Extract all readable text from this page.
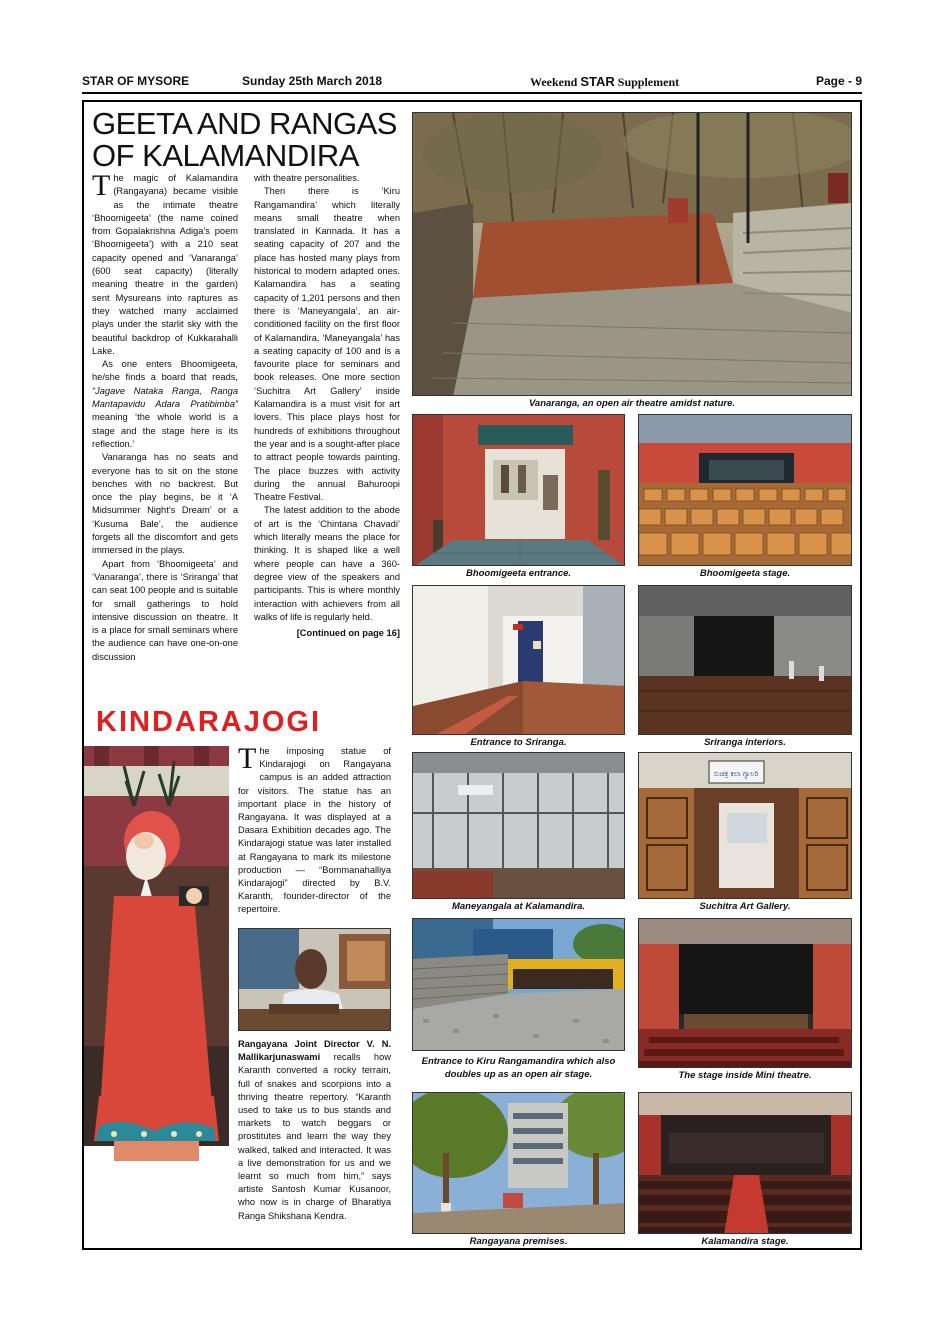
STAR OF MYSORE	Sunday 25th March 2018	Weekend STAR Supplement	Page - 9
GEETA AND RANGAS OF KALAMANDIRA

The magic of Kalamandira (Rangayana) became visible as the intimate theatre ‘Bhoomigeeta’ (the name coined from Gopalakrishna Adiga’s poem ‘Bhoomigeeta’) with a 210 seat capacity opened and ‘Vanaranga’ (600 seat capacity) (literally meaning theatre in the garden) sent Mysureans into raptures as they watched many acclaimed plays under the starlit sky with the beautiful backdrop of Kukkarahalli Lake.

As one enters Bhoomigeeta, he/she finds a board that reads, “Jagave Nataka Ranga, Ranga Mantapavidu Adara Pratibimba” meaning ‘the whole world is a stage and the stage here is its reflection.’

Vanaranga has no seats and everyone has to sit on the stone benches with no backrest. But once the play begins, be it ‘A Midsummer Night’s Dream’ or a ‘Kusuma Bale’, the audience forgets all the discomfort and gets immersed in the plays.

Apart from ‘Bhoomigeeta’ and ‘Vanaranga’, there is ‘Sriranga’ that can seat 100 people and is suitable for small gatherings to hold intensive discussion on theatre. It is a place for small seminars where the audience can have one-on-one discussion

with theatre personalities.

Then there is ‘Kiru Rangamandira’ which literally means small theatre when translated in Kannada. It has a seating capacity of 207 and the place has hosted many plays from historical to modern adapted ones. Kalamandira has a seating capacity of 1,201 persons and then there is ‘Maneyangala’, an air-conditioned facility on the first floor of Kalamandira. ‘Maneyangala’ has a seating capacity of 100 and is a favourite place for seminars and book releases. One more section ‘Suchitra Art Gallery’ inside Kalamandira is a must visit for art lovers. This place plays host for hundreds of exhibitions throughout the year and is a sought-after place to attract people towards painting. The place buzzes with activity during the annual Bahuroopi Theatre Festival.

The latest addition to the abode of art is the ‘Chintana Chavadi’ which literally means the place for thinking. It is shaped like a well where people can have a 360-degree view of the speakers and participants. This is where monthly interaction with achievers from all walks of life is regularly held.

[Continued on page 16]

Vanaranga, an open air theatre amidst nature.
Bhoomigeeta entrance.	Bhoomigeeta stage.
Entrance to Sriranga.	Sriranga interiors.
Maneyangala at Kalamandira.
ಸುಚಿತ್ರ ಕಲಾ ಗ್ಯಾಲರಿ
Suchitra Art Gallery.
Entrance to Kiru Rangamandira which also
doubles up as an open air stage.	The stage inside Mini theatre.
Rangayana premises.	Kalamandira stage.
KINDARAJOGI

The imposing statue of Kindarajogi on Rangayana campus is an added attraction for visitors. The statue has an important place in the history of Rangayana. It was displayed at a Dasara Exhibition decades ago. The Kindarajogi statue was later installed at Rangayana to mark its milestone production — “Bommanahalliya Kindarajogi” directed by B.V. Karanth, founder-director of the repertoire.

Rangayana Joint Director V. N. Mallikarjunaswami recalls how Karanth converted a rocky terrain, full of snakes and scorpions into a thriving theatre repertory. “Karanth used to take us to bus stands and markets to watch beggars or prostitutes and learn the way they walked, talked and interacted. It was a live demonstration for us and we learnt so much from him,” says artiste Santosh Kumar Kusanoor, who now is in charge of Bharatiya Ranga Shikshana Kendra.
